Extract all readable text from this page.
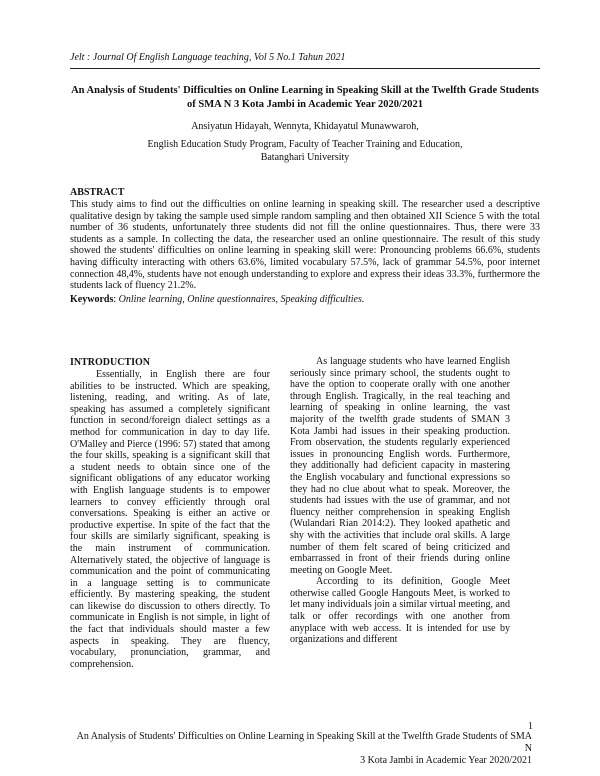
Jelt : Journal Of English Language teaching, Vol 5 No.1 Tahun 2021
An Analysis of Students' Difficulties on Online Learning in Speaking Skill at the Twelfth Grade Students of SMA N 3 Kota Jambi in Academic Year 2020/2021
Ansiyatun Hidayah, Wennyta, Khidayatul Munawwaroh,
English Education Study Program, Faculty of Teacher Training and Education,
Batanghari University
ABSTRACT
This study aims to find out the difficulties on online learning in speaking skill. The researcher used a descriptive qualitative design by taking the sample used simple random sampling and then obtained XII Science 5 with the total number of 36 students, unfortunately three students did not fill the online questionnaires. Thus, there were 33 students as a sample. In collecting the data, the researcher used an online questionnaire. The result of this study showed the students' difficulties on online learning in speaking skill were: Pronouncing problems 66.6%, students having difficulty interacting with others 63.6%, limited vocabulary 57.5%, lack of grammar 54.5%, poor internet connection 48,4%, students have not enough understanding to explore and express their ideas 33.3%, furthermore the students lack of fluency 21.2%.
Keywords: Online learning, Online questionnaires, Speaking difficulties.

INTRODUCTION

Essentially, in English there are four abilities to be instructed. Which are speaking, listening, reading, and writing. As of late, speaking has assumed a completely significant function in second/foreign dialect settings as a method for communication in day to day life. O'Malley and Pierce (1996: 57) stated that among the four skills, speaking is a significant skill that a student needs to obtain since one of the significant obligations of any educator working with English language students is to empower learners to convey efficiently through oral conversations. Speaking is either an active or productive expertise. In spite of the fact that the four skills are similarly significant, speaking is the main instrument of communication. Alternatively stated, the objective of language is communication and the point of communicating in a language setting is to communicate efficiently. By mastering speaking, the student can likewise do discussion to others directly. To communicate in English is not simple, in light of the fact that individuals should master a few aspects in speaking. They are fluency, vocabulary, pronunciation, grammar, and comprehension.

As language students who have learned English seriously since primary school, the students ought to have the option to cooperate orally with one another through English. Tragically, in the real teaching and learning of speaking in online learning, the vast majority of the twelfth grade students of SMAN 3 Kota Jambi had issues in their speaking production. From observation, the students regularly experienced issues in pronouncing English words. Furthermore, they additionally had deficient capacity in mastering the English vocabulary and functional expressions so they had no clue about what to speak. Moreover, the students had issues with the use of grammar, and not fluency neither comprehension in speaking English (Wulandari Rian 2014:2). They looked apathetic and shy with the activities that include oral skills. A large number of them felt scared of being criticized and embarrassed in front of their friends during online meeting on Google Meet.

According to its definition, Google Meet otherwise called Google Hangouts Meet, is worked to let many individuals join a similar virtual meeting, and talk or offer recordings with one another from anyplace with web access. It is intended for use by organizations and different

1
An Analysis of Students' Difficulties on Online Learning in Speaking Skill at the Twelfth Grade Students of SMA N
3 Kota Jambi in Academic Year 2020/2021
